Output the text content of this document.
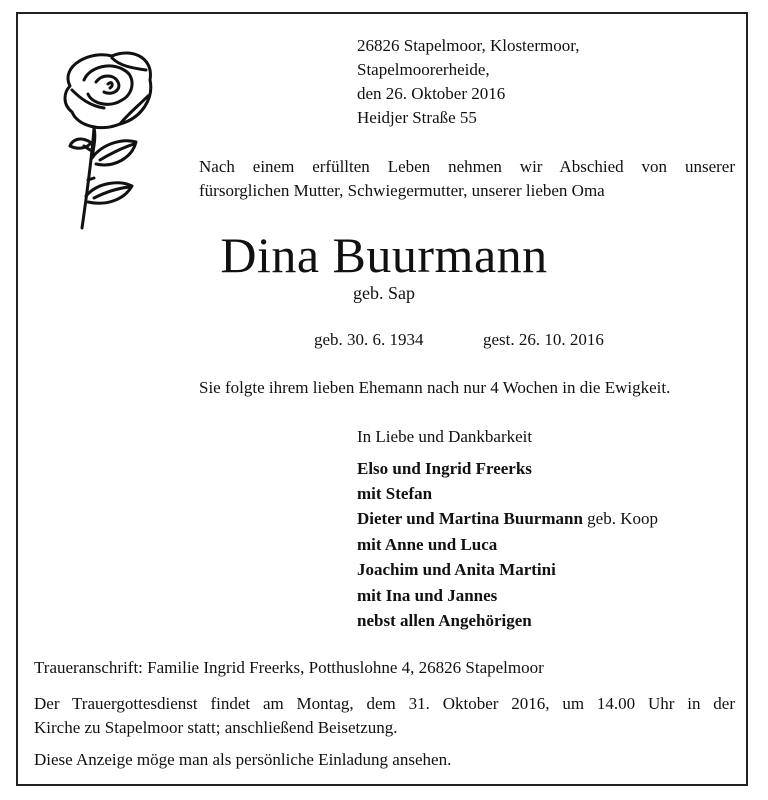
26826 Stapelmoor, Klostermoor,
Stapelmoorerheide,
den 26. Oktober 2016
Heidjer Straße 55
Nach einem erfüllten Leben nehmen wir Abschied von unserer
fürsorglichen Mutter, Schwiegermutter, unserer lieben Oma
Dina Buurmann
geb. Sap
geb. 30. 6. 1934	gest. 26. 10. 2016
Sie folgte ihrem lieben Ehemann nach nur 4 Wochen in die Ewigkeit.
In Liebe und Dankbarkeit
Elso und Ingrid Freerks
mit Stefan
Dieter und Martina Buurmann geb. Koop
mit Anne und Luca
Joachim und Anita Martini
mit Ina und Jannes
nebst allen Angehörigen
Traueranschrift: Familie Ingrid Freerks, Potthuslohne 4, 26826 Stapelmoor
Der Trauergottesdienst findet am Montag, dem 31. Oktober 2016, um 14.00 Uhr in der
Kirche zu Stapelmoor statt; anschließend Beisetzung.
Diese Anzeige möge man als persönliche Einladung ansehen.
